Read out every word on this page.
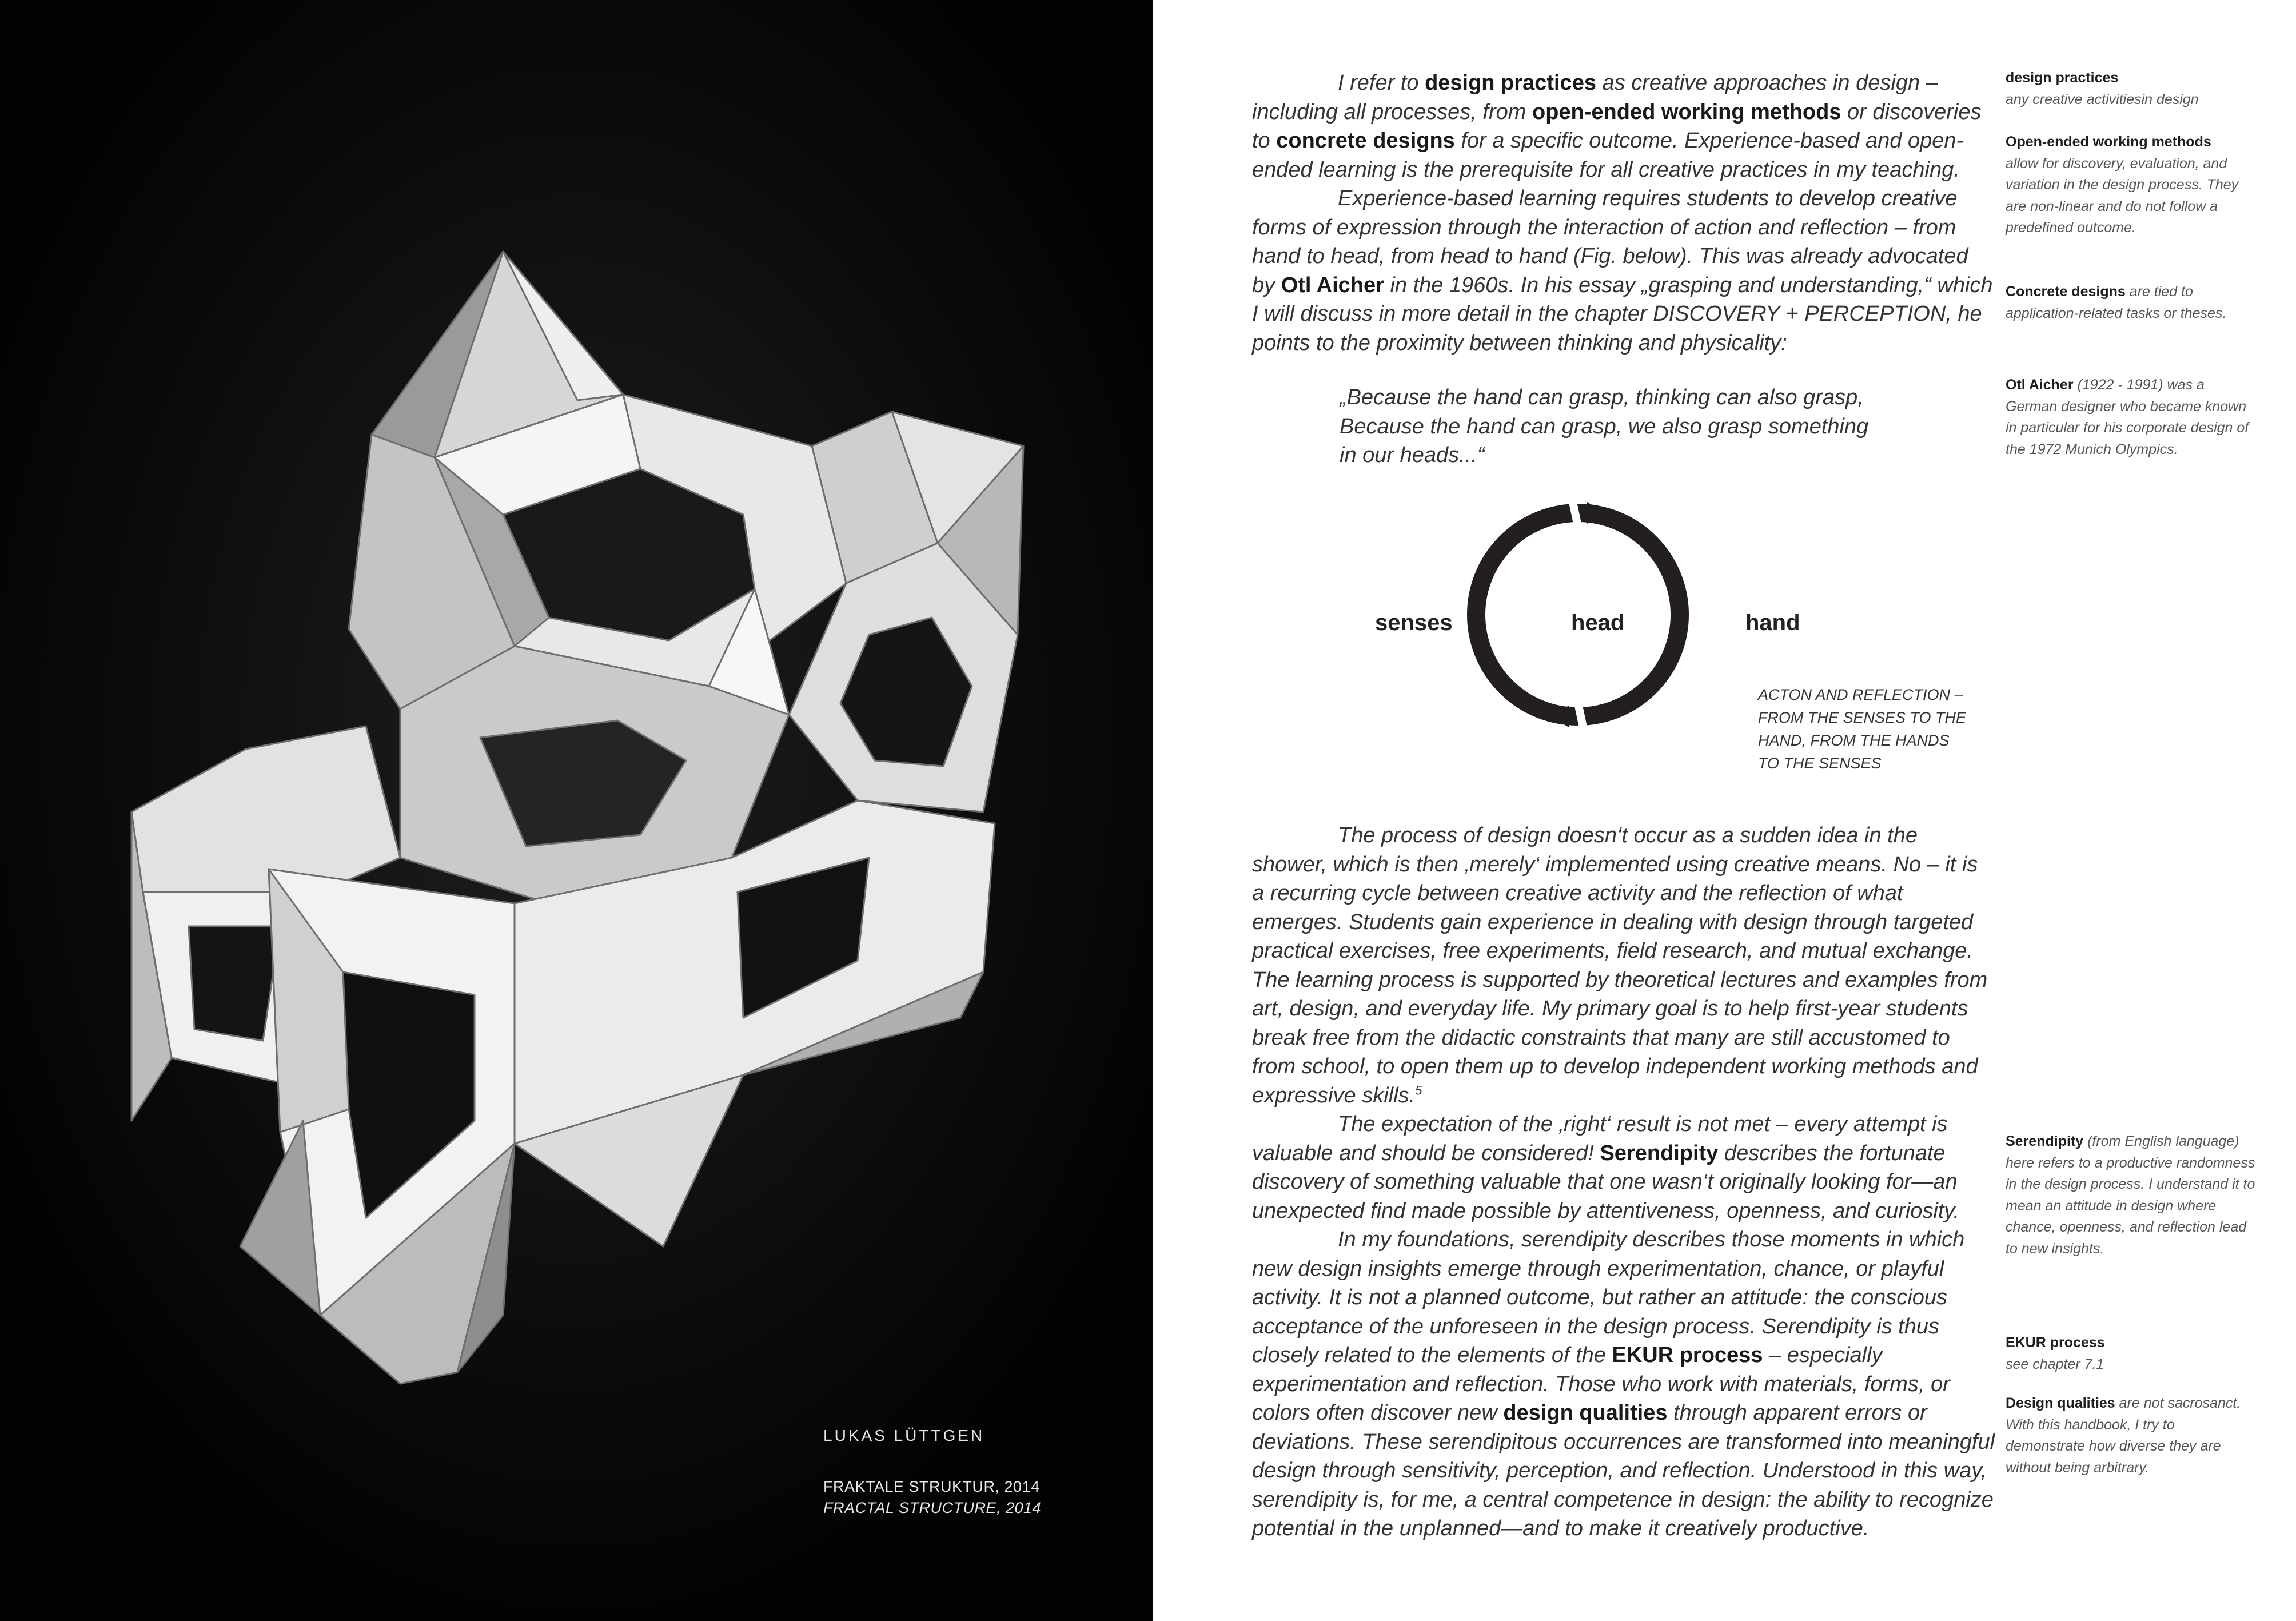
LUKAS LÜTTGEN
FRAKTALE STRUKTUR, 2014
FRACTAL STRUCTURE, 2014

I refer to design practices as creative approaches in design – including all processes, from open-ended working methods or discoveries to concrete designs for a specific outcome. Experience-based and open-ended learning is the prerequisite for all creative practices in my teaching.

Experience-based learning requires students to develop creative forms of expression through the interaction of action and reflection – from hand to head, from head to hand (Fig. below). This was already advocated by Otl Aicher in the 1960s. In his essay „grasping and understanding,“ which I will discuss in more detail in the chapter DISCOVERY + PERCEPTION, he points to the proximity between thinking and physicality:

„Because the hand can grasp, thinking can also grasp,
Because the hand can grasp, we also grasp something
in our heads...“
senses	head	hand
ACTON AND REFLECTION –
FROM THE SENSES TO THE
HAND, FROM THE HANDS
TO THE SENSES

The process of design doesn‘t occur as a sudden idea in the shower, which is then ‚merely‘ implemented using creative means. No – it is a recurring cycle between creative activity and the reflection of what emerges. Students gain experience in dealing with design through targeted practical exercises, free experiments, field research, and mutual exchange. The learning process is supported by theoretical lectures and examples from art, design, and everyday life. My primary goal is to help first-year students break free from the didactic constraints that many are still accustomed to from school, to open them up to develop independent working methods and expressive skills.$^5$

The expectation of the ‚right‘ result is not met – every attempt is valuable and should be considered! Serendipity describes the fortunate discovery of something valuable that one wasn‘t originally looking for—an unexpected find made possible by attentiveness, openness, and curiosity.

In my foundations, serendipity describes those moments in which new design insights emerge through experimentation, chance, or playful activity. It is not a planned outcome, but rather an attitude: the conscious acceptance of the unforeseen in the design process. Serendipity is thus closely related to the elements of the EKUR process – especially experimentation and reflection. Those who work with materials, forms, or colors often discover new design qualities through apparent errors or deviations. These serendipitous occurrences are transformed into meaningful design through sensitivity, perception, and reflection. Understood in this way, serendipity is, for me, a central competence in design: the ability to recognize potential in the unplanned—and to make it creatively productive.

design practices
any creative activitiesin design
Open-ended working methods
allow for discovery, evaluation, and variation in the design process. They are non-linear and do not follow a predefined outcome.
Concrete designs are tied to application-related tasks or theses.
Otl Aicher (1922 - 1991) was a German designer who became known in particular for his corporate design of the 1972 Munich Olympics.
Serendipity (from English language) here refers to a productive randomness in the design process. I understand it to mean an attitude in design where chance, openness, and reflection lead to new insights.
EKUR process
see chapter 7.1
Design qualities are not sacrosanct. With this handbook, I try to demonstrate how diverse they are without being arbitrary.
